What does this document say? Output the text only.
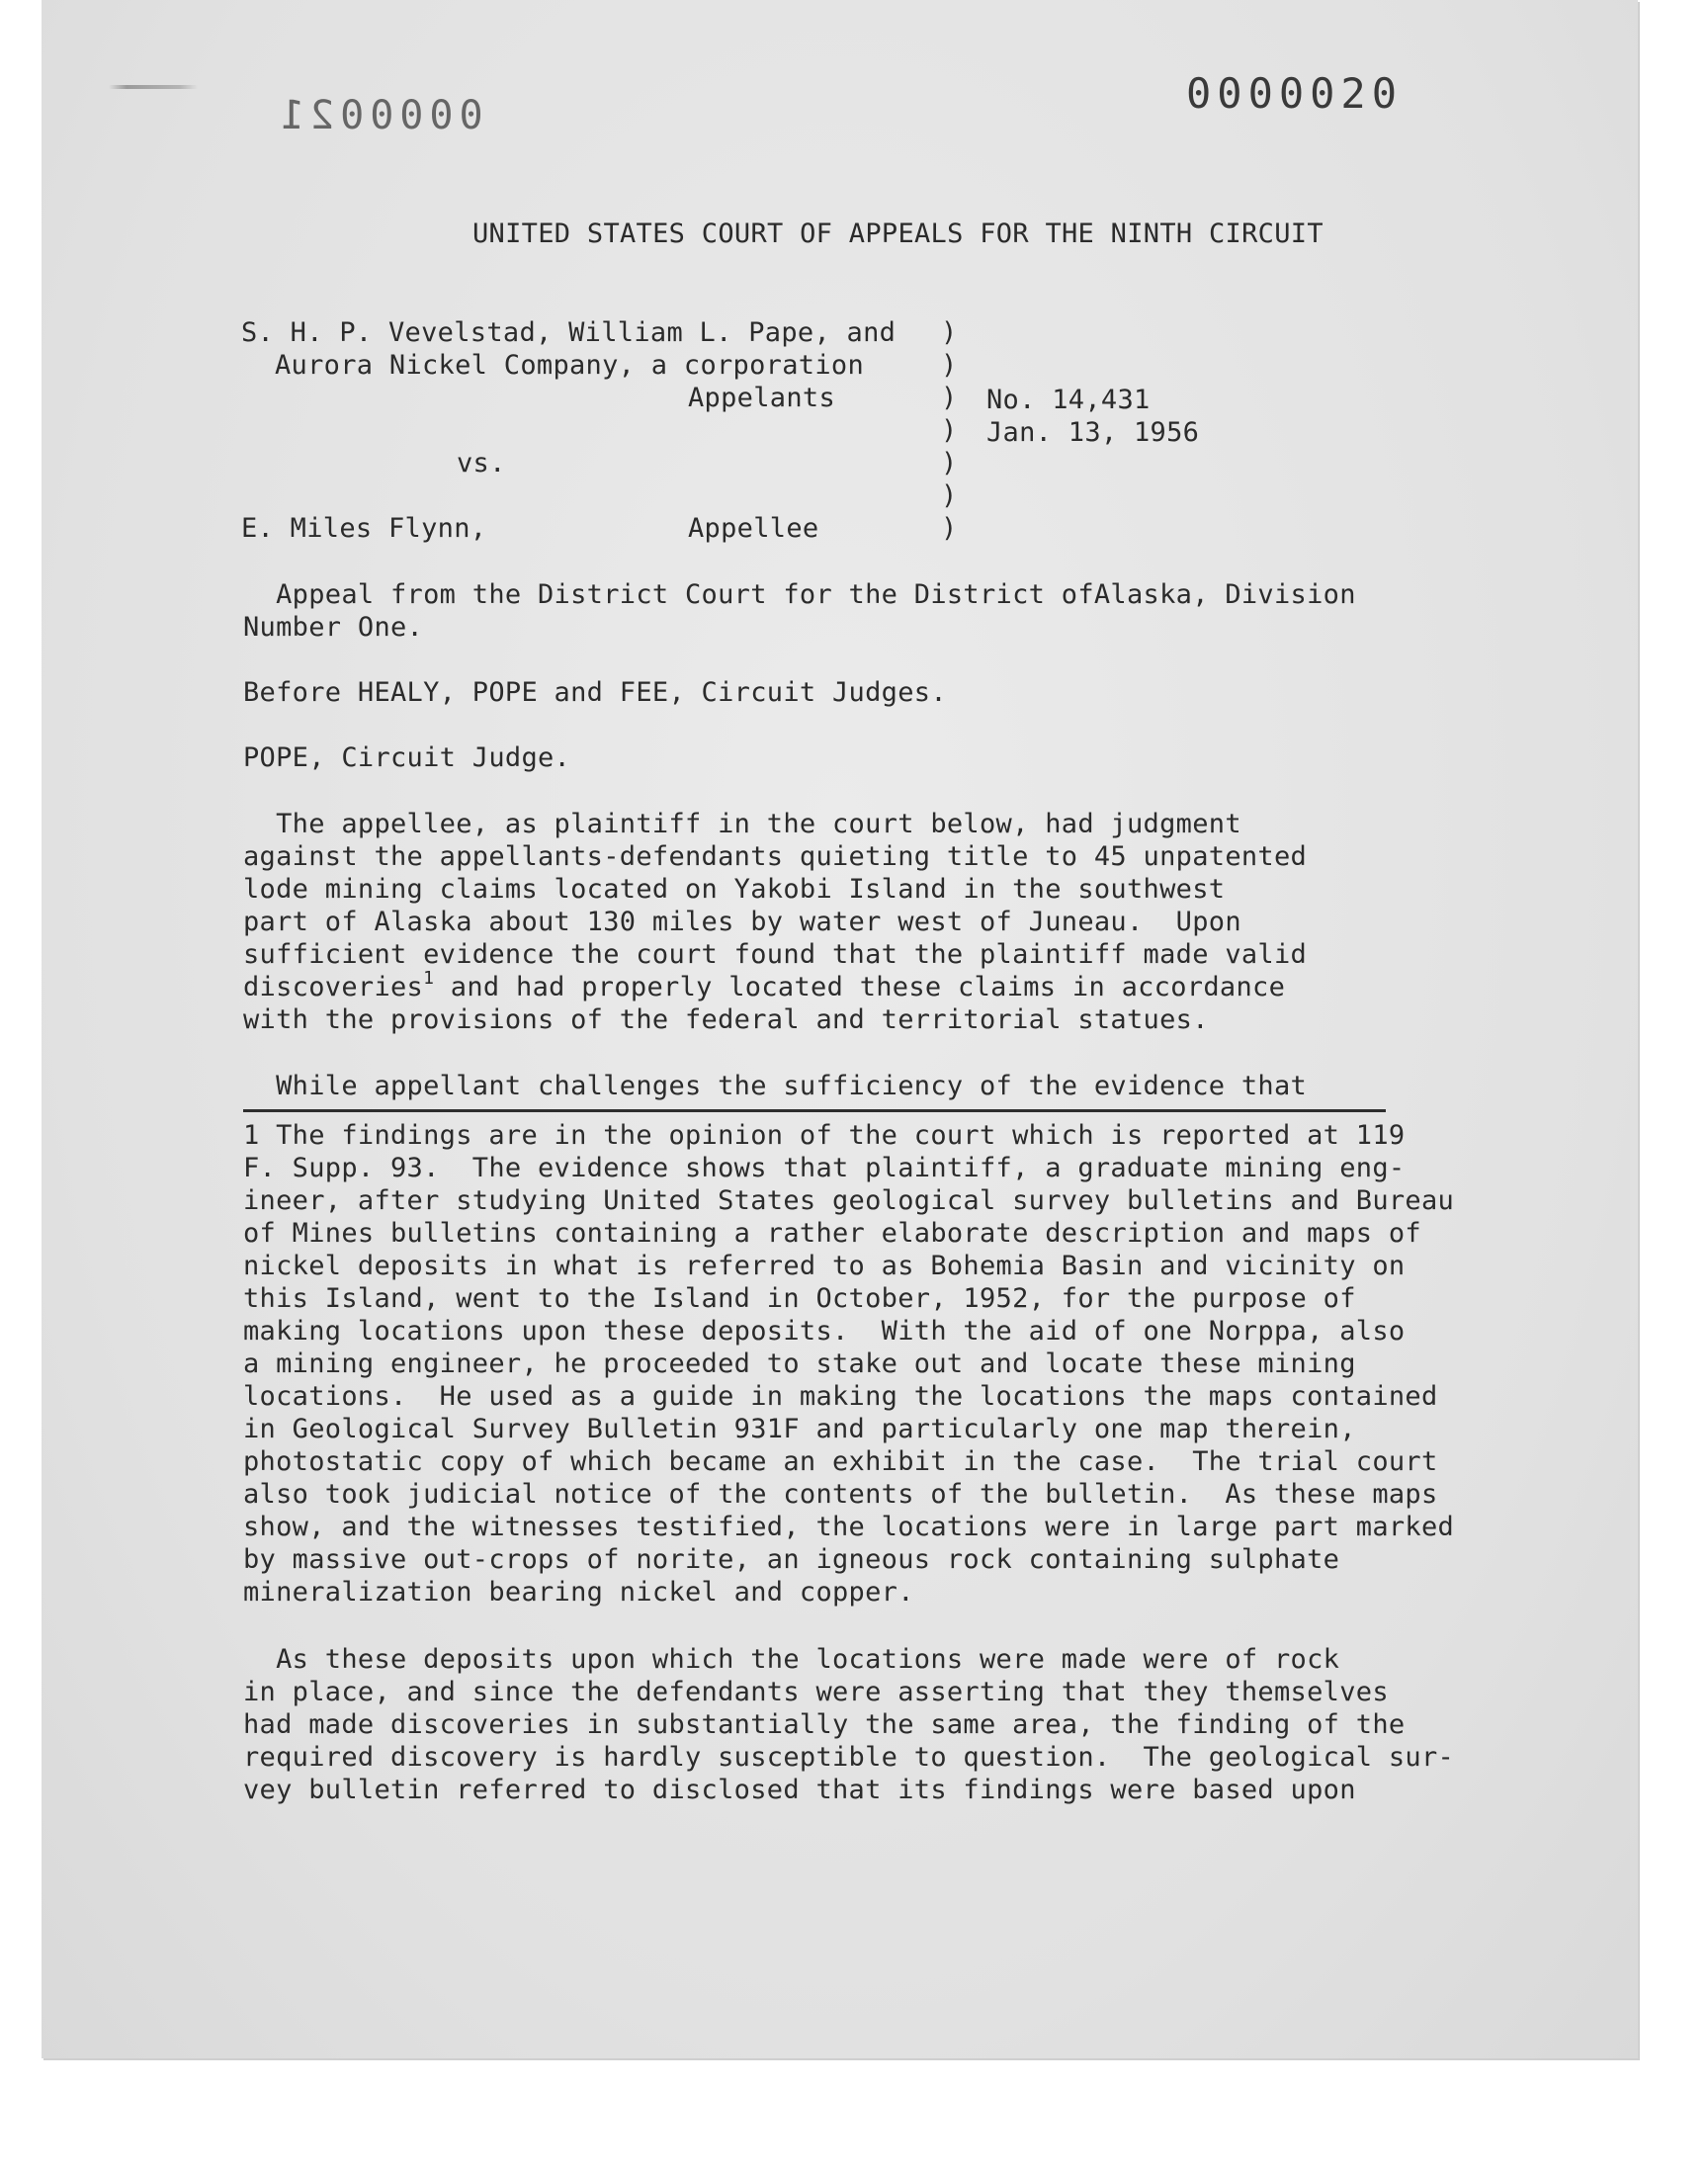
0000021	0000020
UNITED STATES COURT OF APPEALS FOR THE NINTH CIRCUIT
S. H. P. Vevelstad, William L. Pape, and
Aurora Nickel Company, a corporation
Appelants
vs.
E. Miles Flynn,	Appellee
)
)
)
)
)
)
)
No. 14,431
Jan. 13, 1956
Appeal from the District Court for the District ofAlaska, Division
Number One.
Before HEALY, POPE and FEE, Circuit Judges.
POPE, Circuit Judge.
The appellee, as plaintiff in the court below, had judgment
against the appellants-defendants quieting title to 45 unpatented
lode mining claims located on Yakobi Island in the southwest
part of Alaska about 130 miles by water west of Juneau.  Upon
sufficient evidence the court found that the plaintiff made valid
discoveries$^1$ and had properly located these claims in accordance
with the provisions of the federal and territorial statues.
While appellant challenges the sufficiency of the evidence that
1 The findings are in the opinion of the court which is reported at 119
F. Supp. 93.  The evidence shows that plaintiff, a graduate mining eng-
ineer, after studying United States geological survey bulletins and Bureau
of Mines bulletins containing a rather elaborate description and maps of
nickel deposits in what is referred to as Bohemia Basin and vicinity on
this Island, went to the Island in October, 1952, for the purpose of
making locations upon these deposits.  With the aid of one Norppa, also
a mining engineer, he proceeded to stake out and locate these mining
locations.  He used as a guide in making the locations the maps contained
in Geological Survey Bulletin 931F and particularly one map therein,
photostatic copy of which became an exhibit in the case.  The trial court
also took judicial notice of the contents of the bulletin.  As these maps
show, and the witnesses testified, the locations were in large part marked
by massive out-crops of norite, an igneous rock containing sulphate
mineralization bearing nickel and copper.
As these deposits upon which the locations were made were of rock
in place, and since the defendants were asserting that they themselves
had made discoveries in substantially the same area, the finding of the
required discovery is hardly susceptible to question.  The geological sur-
vey bulletin referred to disclosed that its findings were based upon
